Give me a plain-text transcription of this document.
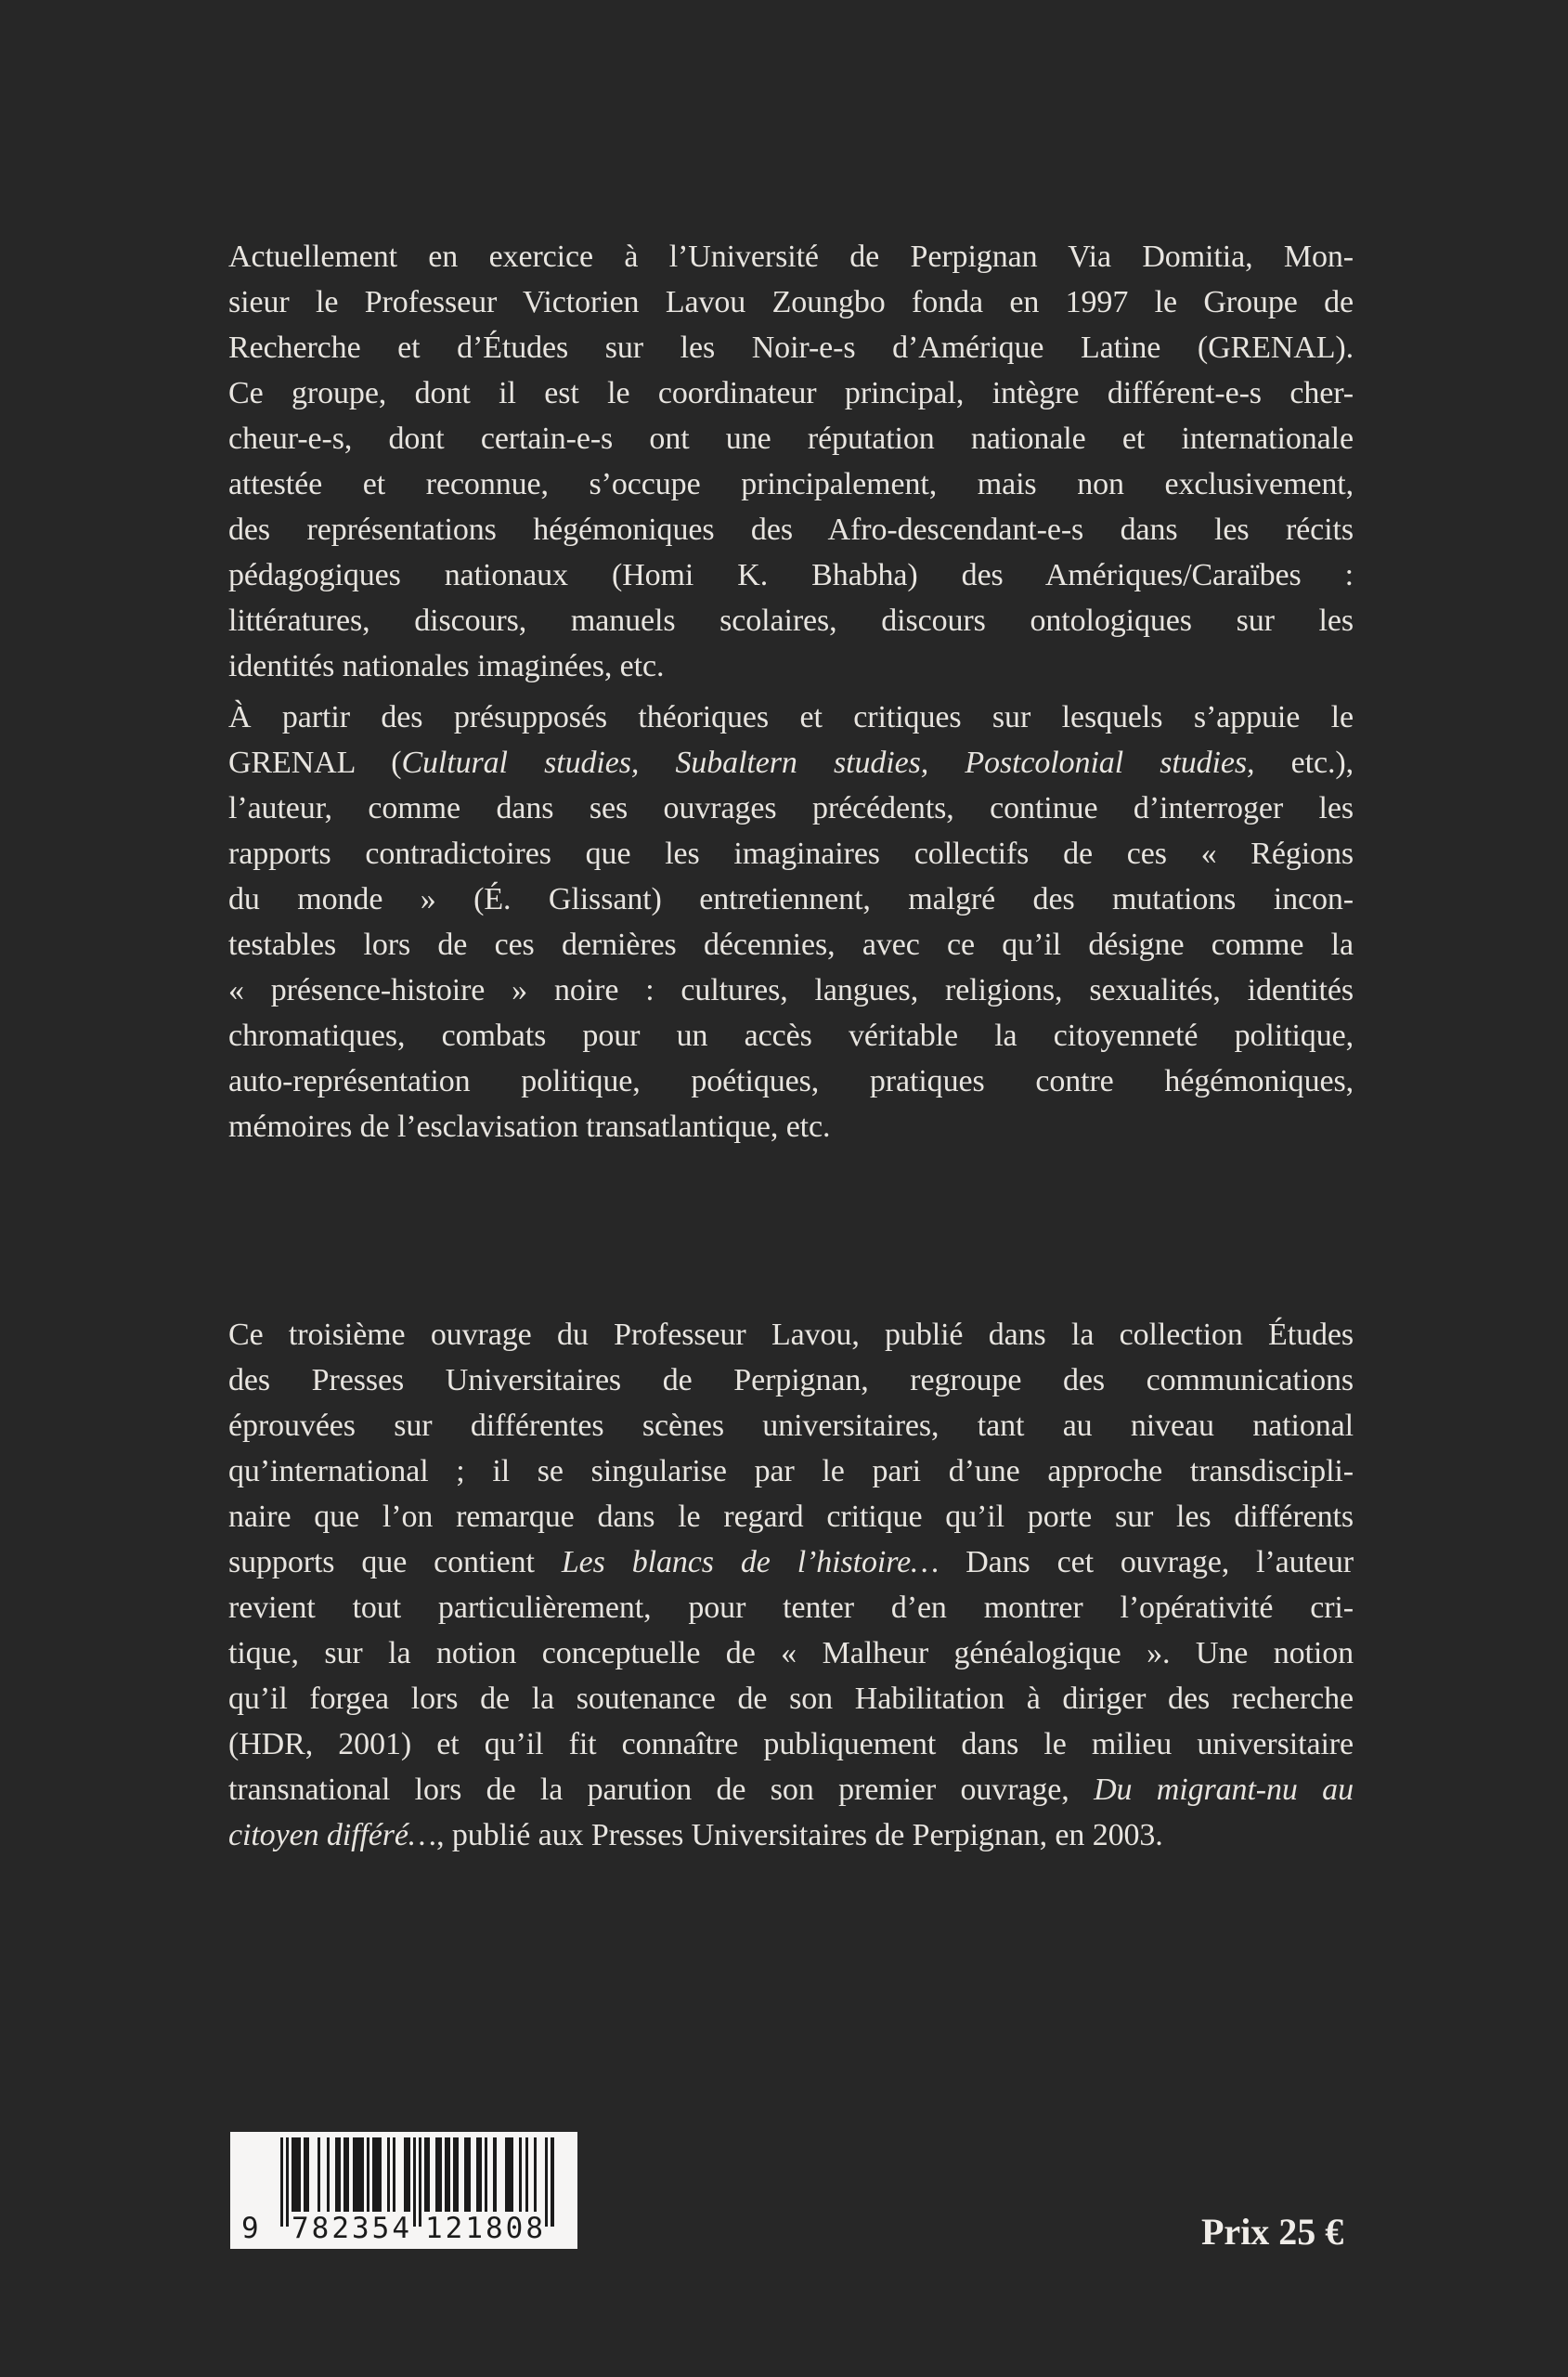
Actuellement en exercice à l’Université de Perpignan Via Domitia, Mon-
sieur le Professeur Victorien Lavou Zoungbo fonda en 1997 le Groupe de
Recherche et d’Études sur les Noir-e-s d’Amérique Latine (GRENAL).
Ce groupe, dont il est le coordinateur principal, intègre différent-e-s cher-
cheur-e-s, dont certain-e-s ont une réputation nationale et internationale
attestée et reconnue, s’occupe principalement, mais non exclusivement,
des représentations hégémoniques des Afro-descendant-e-s dans les récits
pédagogiques nationaux (Homi K. Bhabha) des Amériques/Caraïbes :
littératures, discours, manuels scolaires, discours ontologiques sur les
identités nationales imaginées, etc.
À partir des présupposés théoriques et critiques sur lesquels s’appuie le
GRENAL (Cultural studies, Subaltern studies, Postcolonial studies, etc.),
l’auteur, comme dans ses ouvrages précédents, continue d’interroger les
rapports contradictoires que les imaginaires collectifs de ces « Régions
du monde » (É. Glissant) entretiennent, malgré des mutations incon-
testables lors de ces dernières décennies, avec ce qu’il désigne comme la
« présence-histoire » noire : cultures, langues, religions, sexualités, identités
chromatiques, combats pour un accès véritable la citoyenneté politique,
auto-représentation politique, poétiques, pratiques contre hégémoniques,
mémoires de l’esclavisation transatlantique, etc.
Ce troisième ouvrage du Professeur Lavou, publié dans la collection Études
des Presses Universitaires de Perpignan, regroupe des communications
éprouvées sur différentes scènes universitaires, tant au niveau national
qu’international ; il se singularise par le pari d’une approche transdiscipli-
naire que l’on remarque dans le regard critique qu’il porte sur les différents
supports que contient Les blancs de l’histoire… Dans cet ouvrage, l’auteur
revient tout particulièrement, pour tenter d’en montrer l’opérativité cri-
tique, sur la notion conceptuelle de « Malheur généalogique ». Une notion
qu’il forgea lors de la soutenance de son Habilitation à diriger des recherche
(HDR, 2001) et qu’il fit connaître publiquement dans le milieu universitaire
transnational lors de la parution de son premier ouvrage, Du migrant-nu au
citoyen différé…, publié aux Presses Universitaires de Perpignan, en 2003.
9 782354 121808	Prix 25 €
